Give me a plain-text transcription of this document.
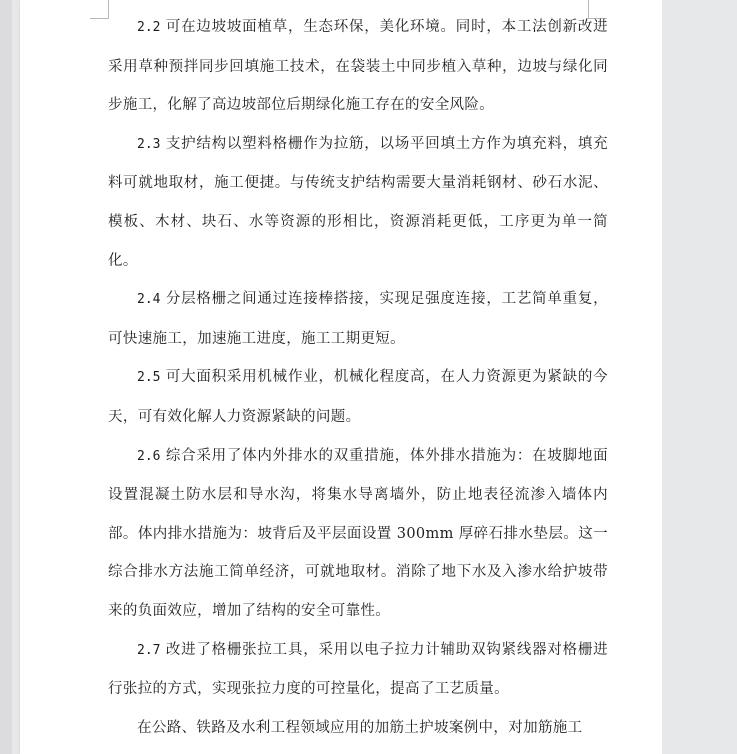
2.2 可在边坡坡面植草，生态环保，美化环境。同时，本工法创新改进采用草种预拌同步回填施工技术，在袋装土中同步植入草种，边坡与绿化同步施工，化解了高边坡部位后期绿化施工存在的安全风险。

2.3 支护结构以塑料格栅作为拉筋，以场平回填土方作为填充料，填充料可就地取材，施工便捷。与传统支护结构需要大量消耗钢材、砂石水泥、模板、木材、块石、水等资源的形相比，资源消耗更低，工序更为单一简化。

2.4 分层格栅之间通过连接棒搭接，实现足强度连接，工艺简单重复，可快速施工，加速施工进度，施工工期更短。

2.5 可大面积采用机械作业，机械化程度高，在人力资源更为紧缺的今天，可有效化解人力资源紧缺的问题。

2.6 综合采用了体内外排水的双重措施，体外排水措施为：在坡脚地面设置混凝土防水层和导水沟，将集水导离墙外，防止地表径流渗入墙体内部。体内排水措施为：坡背后及平层面设置 300mm 厚碎石排水垫层。这一综合排水方法施工简单经济，可就地取材。消除了地下水及入渗水给护坡带来的负面效应，增加了结构的安全可靠性。

2.7 改进了格栅张拉工具，采用以电子拉力计辅助双钩紧线器对格栅进行张拉的方式，实现张拉力度的可控量化，提高了工艺质量。

在公路、铁路及水利工程领域应用的加筋土护坡案例中，对加筋施工
